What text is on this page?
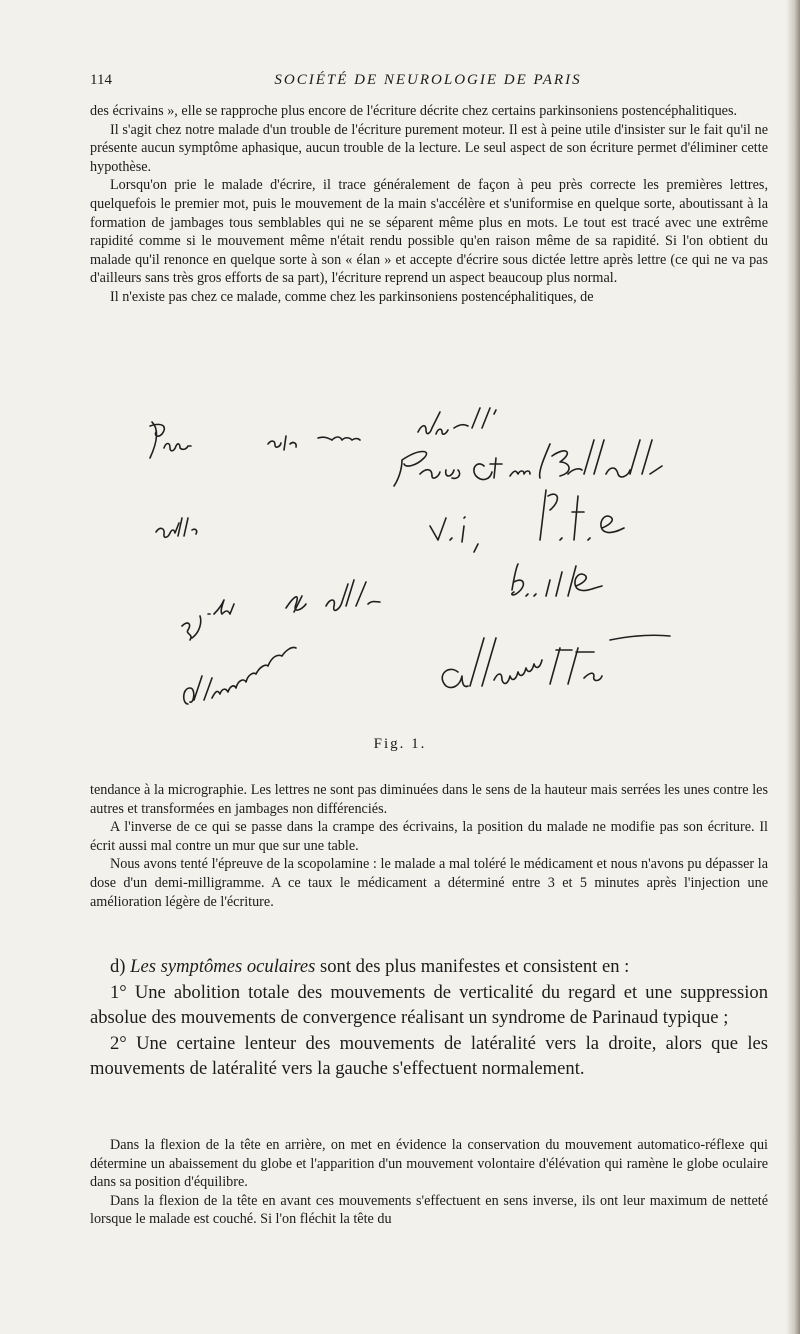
114	SOCIÉTÉ DE NEUROLOGIE DE PARIS

des écrivains », elle se rapproche plus encore de l'écriture décrite chez certains parkinsoniens postencéphalitiques.

Il s'agit chez notre malade d'un trouble de l'écriture purement moteur. Il est à peine utile d'insister sur le fait qu'il ne présente aucun symptôme aphasique, aucun trouble de la lecture. Le seul aspect de son écriture permet d'éliminer cette hypothèse.

Lorsqu'on prie le malade d'écrire, il trace généralement de façon à peu près correcte les premières lettres, quelquefois le premier mot, puis le mouvement de la main s'accélère et s'uniformise en quelque sorte, aboutissant à la formation de jambages tous semblables qui ne se séparent même plus en mots. Le tout est tracé avec une extrême rapidité comme si le mouvement même n'était rendu possible qu'en raison même de sa rapidité. Si l'on obtient du malade qu'il renonce en quelque sorte à son « élan » et accepte d'écrire sous dictée lettre après lettre (ce qui ne va pas d'ailleurs sans très gros efforts de sa part), l'écriture reprend un aspect beaucoup plus normal.

Il n'existe pas chez ce malade, comme chez les parkinsoniens postencéphalitiques, de

Fig. 1.

tendance à la micrographie. Les lettres ne sont pas diminuées dans le sens de la hauteur mais serrées les unes contre les autres et transformées en jambages non différenciés.

A l'inverse de ce qui se passe dans la crampe des écrivains, la position du malade ne modifie pas son écriture. Il écrit aussi mal contre un mur que sur une table.

Nous avons tenté l'épreuve de la scopolamine : le malade a mal toléré le médicament et nous n'avons pu dépasser la dose d'un demi-milligramme. A ce taux le médicament a déterminé entre 3 et 5 minutes après l'injection une amélioration légère de l'écriture.

d) Les symptômes oculaires sont des plus manifestes et consistent en :

1° Une abolition totale des mouvements de verticalité du regard et une suppression absolue des mouvements de convergence réalisant un syndrome de Parinaud typique ;

2° Une certaine lenteur des mouvements de latéralité vers la droite, alors que les mouvements de latéralité vers la gauche s'effectuent normalement.

Dans la flexion de la tête en arrière, on met en évidence la conservation du mouvement automatico-réflexe qui détermine un abaissement du globe et l'apparition d'un mouvement volontaire d'élévation qui ramène le globe oculaire dans sa position d'équilibre.

Dans la flexion de la tête en avant ces mouvements s'effectuent en sens inverse, ils ont leur maximum de netteté lorsque le malade est couché. Si l'on fléchit la tête du
